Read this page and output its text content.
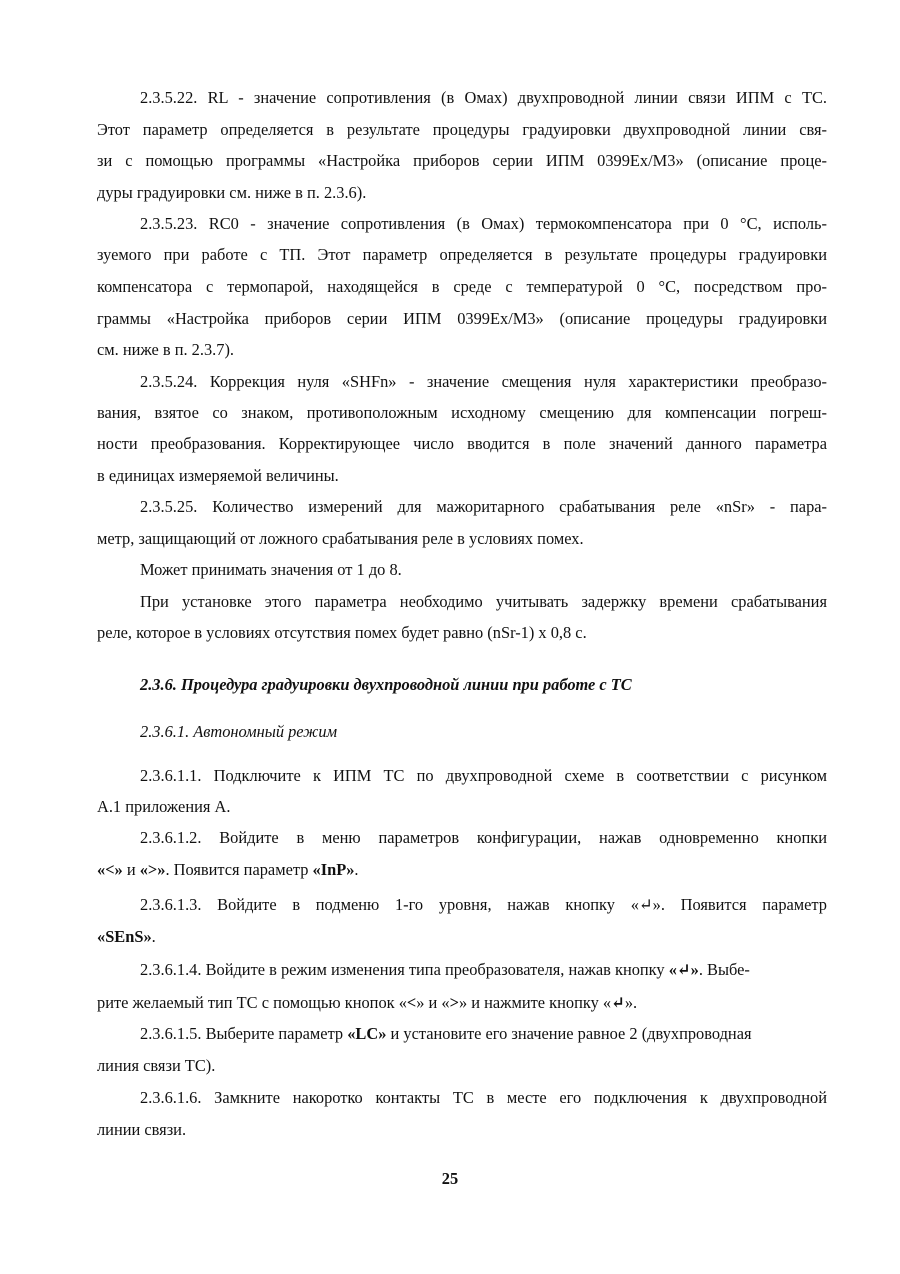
2.3.5.22. RL - значение сопротивления (в Омах) двухпроводной линии связи ИПМ с ТС.
Этот параметр определяется в результате процедуры градуировки двухпроводной линии свя-
зи с помощью программы «Настройка приборов серии ИПМ 0399Ex/М3» (описание проце-
дуры градуировки см. ниже в п. 2.3.6).
2.3.5.23. RC0 - значение сопротивления (в Омах) термокомпенсатора при 0 °C, исполь-
зуемого при работе с ТП. Этот параметр определяется в результате процедуры градуировки
компенсатора с термопарой, находящейся в среде с температурой 0 °C, посредством про-
граммы «Настройка приборов серии ИПМ 0399Ex/М3» (описание процедуры градуировки
см. ниже в п. 2.3.7).
2.3.5.24. Коррекция нуля «SHFn» - значение смещения нуля характеристики преобразо-
вания, взятое со знаком, противоположным исходному смещению для компенсации погреш-
ности преобразования. Корректирующее число вводится в поле значений данного параметра
в единицах измеряемой величины.
2.3.5.25. Количество измерений для мажоритарного срабатывания реле «nSr» - пара-
метр, защищающий от ложного срабатывания реле в условиях помех.
Может принимать значения от 1 до 8.
При установке этого параметра необходимо учитывать задержку времени срабатывания
реле, которое в условиях отсутствия помех будет равно (nSr-1) x 0,8 с.
2.3.6. Процедура градуировки двухпроводной линии при работе с ТС
2.3.6.1. Автономный режим
2.3.6.1.1. Подключите к ИПМ ТС по двухпроводной схеме в соответствии с рисунком
А.1 приложения А.
2.3.6.1.2. Войдите в меню параметров конфигурации, нажав одновременно кнопки
«<» и «>». Появится параметр «InP».
2.3.6.1.3. Войдите в подменю 1-го уровня, нажав кнопку «↵». Появится параметр
«SEnS».
2.3.6.1.4. Войдите в режим изменения типа преобразователя, нажав кнопку «↵». Выбе-
рите желаемый тип ТС с помощью кнопок «<» и «>» и нажмите кнопку «↵».
2.3.6.1.5. Выберите параметр «LC» и установите его значение равное 2 (двухпроводная
линия связи ТС).
2.3.6.1.6. Замкните накоротко контакты ТС в месте его подключения к двухпроводной
линии связи.
25
